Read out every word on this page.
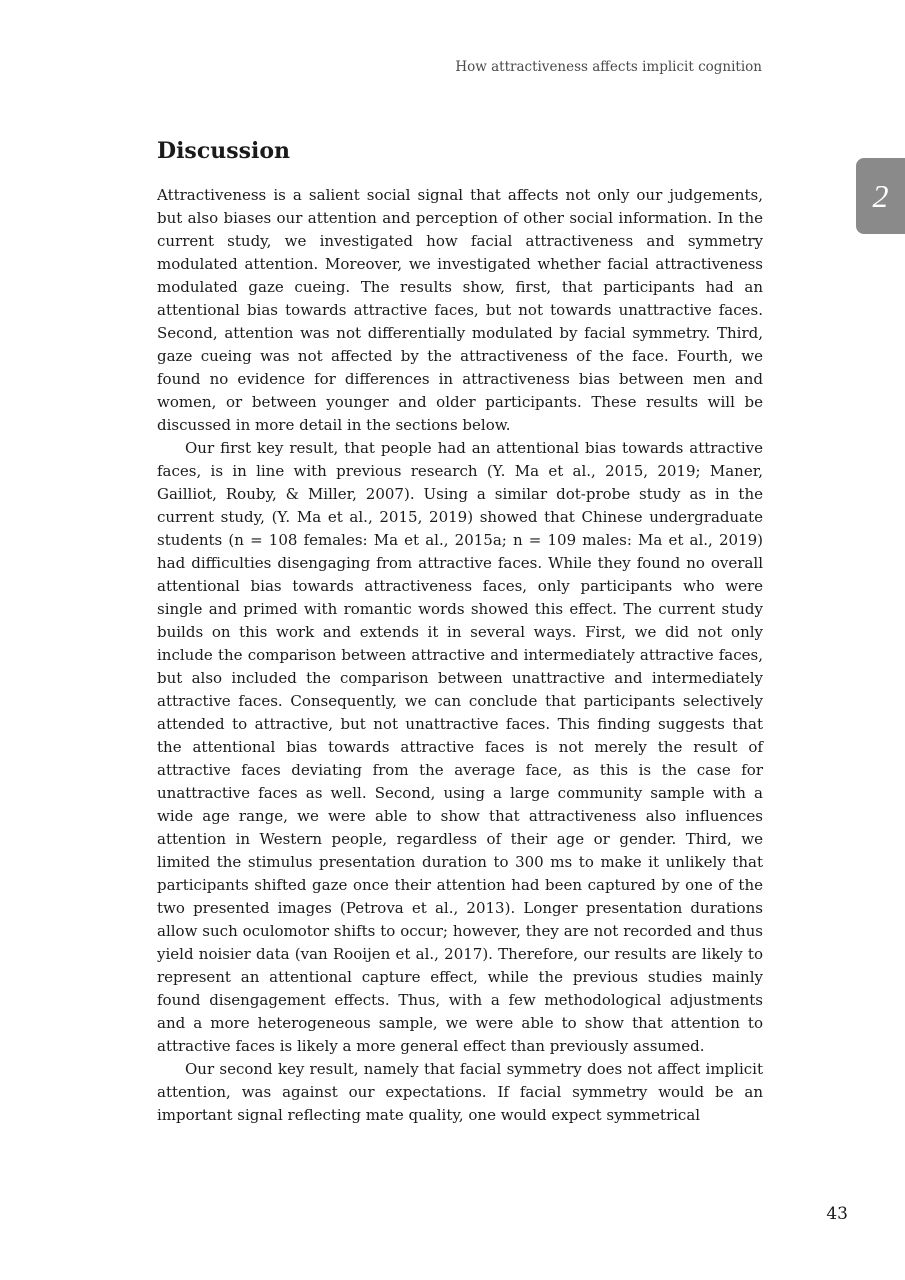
How attractiveness affects implicit cognition
2
Discussion

Attractiveness is a salient social signal that affects not only our judgements, but also biases our attention and perception of other social information. In the current study, we investigated how facial attractiveness and symmetry modulated attention. Moreover, we investigated whether facial attractiveness modulated gaze cueing. The results show, first, that participants had an attentional bias towards attractive faces, but not towards unattractive faces. Second, attention was not differentially modulated by facial symmetry. Third, gaze cueing was not affected by the attractiveness of the face. Fourth, we found no evidence for differences in attractiveness bias between men and women, or between younger and older participants. These results will be discussed in more detail in the sections below.

Our first key result, that people had an attentional bias towards attractive faces, is in line with previous research (Y. Ma et al., 2015, 2019; Maner, Gailliot, Rouby, & Miller, 2007). Using a similar dot-probe study as in the current study, (Y. Ma et al., 2015, 2019) showed that Chinese undergraduate students (n = 108 females: Ma et al., 2015a; n = 109 males: Ma et al., 2019) had difficulties disengaging from attractive faces. While they found no overall attentional bias towards attractiveness faces, only participants who were single and primed with romantic words showed this effect. The current study builds on this work and extends it in several ways. First, we did not only include the comparison between attractive and intermediately attractive faces, but also included the comparison between unattractive and intermediately attractive faces. Consequently, we can conclude that participants selectively attended to attractive, but not unattractive faces. This finding suggests that the attentional bias towards attractive faces is not merely the result of attractive faces deviating from the average face, as this is the case for unattractive faces as well. Second, using a large community sample with a wide age range, we were able to show that attractiveness also influences attention in Western people, regardless of their age or gender. Third, we limited the stimulus presentation duration to 300 ms to make it unlikely that participants shifted gaze once their attention had been captured by one of the two presented images (Petrova et al., 2013). Longer presentation durations allow such oculomotor shifts to occur; however, they are not recorded and thus yield noisier data (van Rooijen et al., 2017). Therefore, our results are likely to represent an attentional capture effect, while the previous studies mainly found disengagement effects. Thus, with a few methodological adjustments and a more heterogeneous sample, we were able to show that attention to attractive faces is likely a more general effect than previously assumed.

Our second key result, namely that facial symmetry does not affect implicit attention, was against our expectations. If facial symmetry would be an important signal reflecting mate quality, one would expect symmetrical

43
